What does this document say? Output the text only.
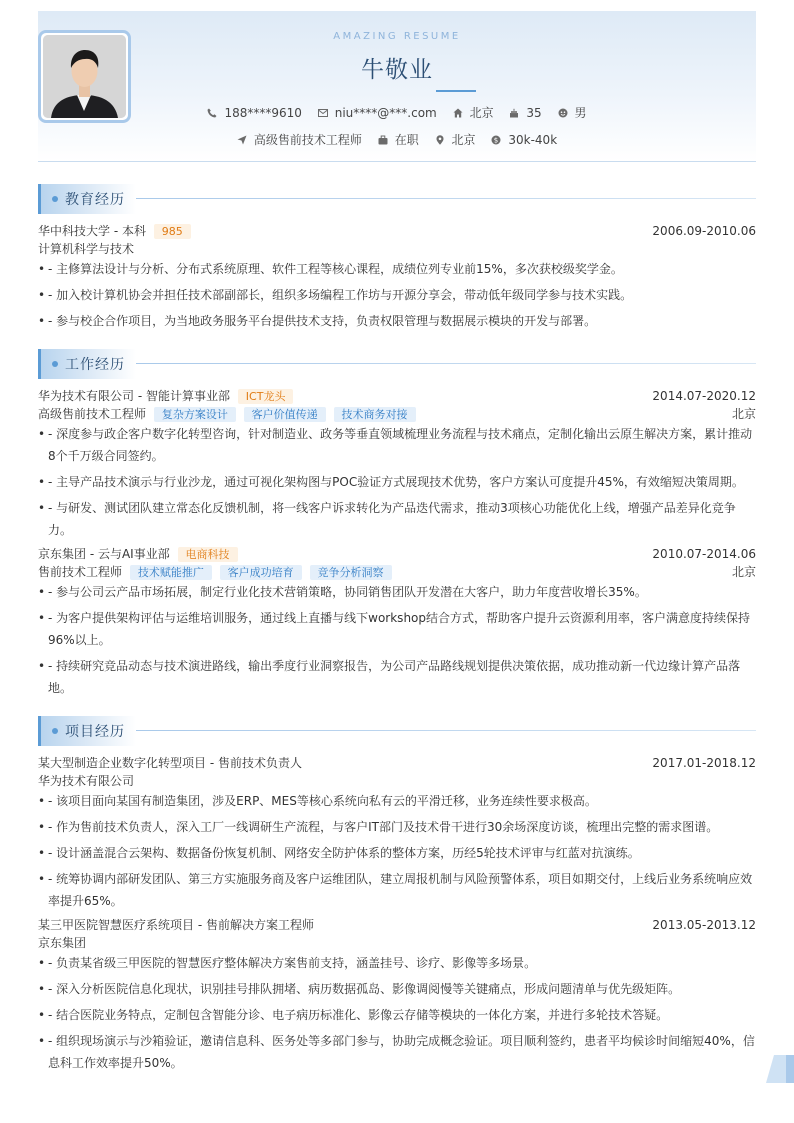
AMAZING RESUME
牛敬业
188****9610	niu****@***.com	北京	35	男
高级售前技术工程师	在职	北京	$ 30k-40k
教育经历
华中科技大学 - 本科 985	2006.09-2010.06
计算机科学与技术
• - 主修算法设计与分析、分布式系统原理、软件工程等核心课程，成绩位列专业前15%，多次获校级奖学金。
• - 加入校计算机协会并担任技术部副部长，组织多场编程工作坊与开源分享会，带动低年级同学参与技术实践。
• - 参与校企合作项目，为当地政务服务平台提供技术支持，负责权限管理与数据展示模块的开发与部署。
工作经历
华为技术有限公司 - 智能计算事业部 ICT龙头	2014.07-2020.12
高级售前技术工程师 复杂方案设计 客户价值传递 技术商务对接	北京
• - 深度参与政企客户数字化转型咨询，针对制造业、政务等垂直领域梳理业务流程与技术痛点，定制化输出云原生解决方案，累计推动
8个千万级合同签约。
• - 主导产品技术演示与行业沙龙，通过可视化架构图与POC验证方式展现技术优势，客户方案认可度提升45%，有效缩短决策周期。
• - 与研发、测试团队建立常态化反馈机制，将一线客户诉求转化为产品迭代需求，推动3项核心功能优化上线，增强产品差异化竞争
力。
京东集团 - 云与AI事业部 电商科技	2010.07-2014.06
售前技术工程师 技术赋能推广 客户成功培育 竞争分析洞察	北京
• - 参与公司云产品市场拓展，制定行业化技术营销策略，协同销售团队开发潜在大客户，助力年度营收增长35%。
• - 为客户提供架构评估与运维培训服务，通过线上直播与线下workshop结合方式，帮助客户提升云资源利用率，客户满意度持续保持
96%以上。
• - 持续研究竞品动态与技术演进路线，输出季度行业洞察报告，为公司产品路线规划提供决策依据，成功推动新一代边缘计算产品落
地。
项目经历
某大型制造企业数字化转型项目 - 售前技术负责人	2017.01-2018.12
华为技术有限公司
• - 该项目面向某国有制造集团，涉及ERP、MES等核心系统向私有云的平滑迁移，业务连续性要求极高。
• - 作为售前技术负责人，深入工厂一线调研生产流程，与客户IT部门及技术骨干进行30余场深度访谈，梳理出完整的需求图谱。
• - 设计涵盖混合云架构、数据备份恢复机制、网络安全防护体系的整体方案，历经5轮技术评审与红蓝对抗演练。
• - 统筹协调内部研发团队、第三方实施服务商及客户运维团队，建立周报机制与风险预警体系，项目如期交付，上线后业务系统响应效
率提升65%。
某三甲医院智慧医疗系统项目 - 售前解决方案工程师	2013.05-2013.12
京东集团
• - 负责某省级三甲医院的智慧医疗整体解决方案售前支持，涵盖挂号、诊疗、影像等多场景。
• - 深入分析医院信息化现状，识别挂号排队拥堵、病历数据孤岛、影像调阅慢等关键痛点，形成问题清单与优先级矩阵。
• - 结合医院业务特点，定制包含智能分诊、电子病历标准化、影像云存储等模块的一体化方案，并进行多轮技术答疑。
• - 组织现场演示与沙箱验证，邀请信息科、医务处等多部门参与，协助完成概念验证。项目顺利签约，患者平均候诊时间缩短40%，信
息科工作效率提升50%。
